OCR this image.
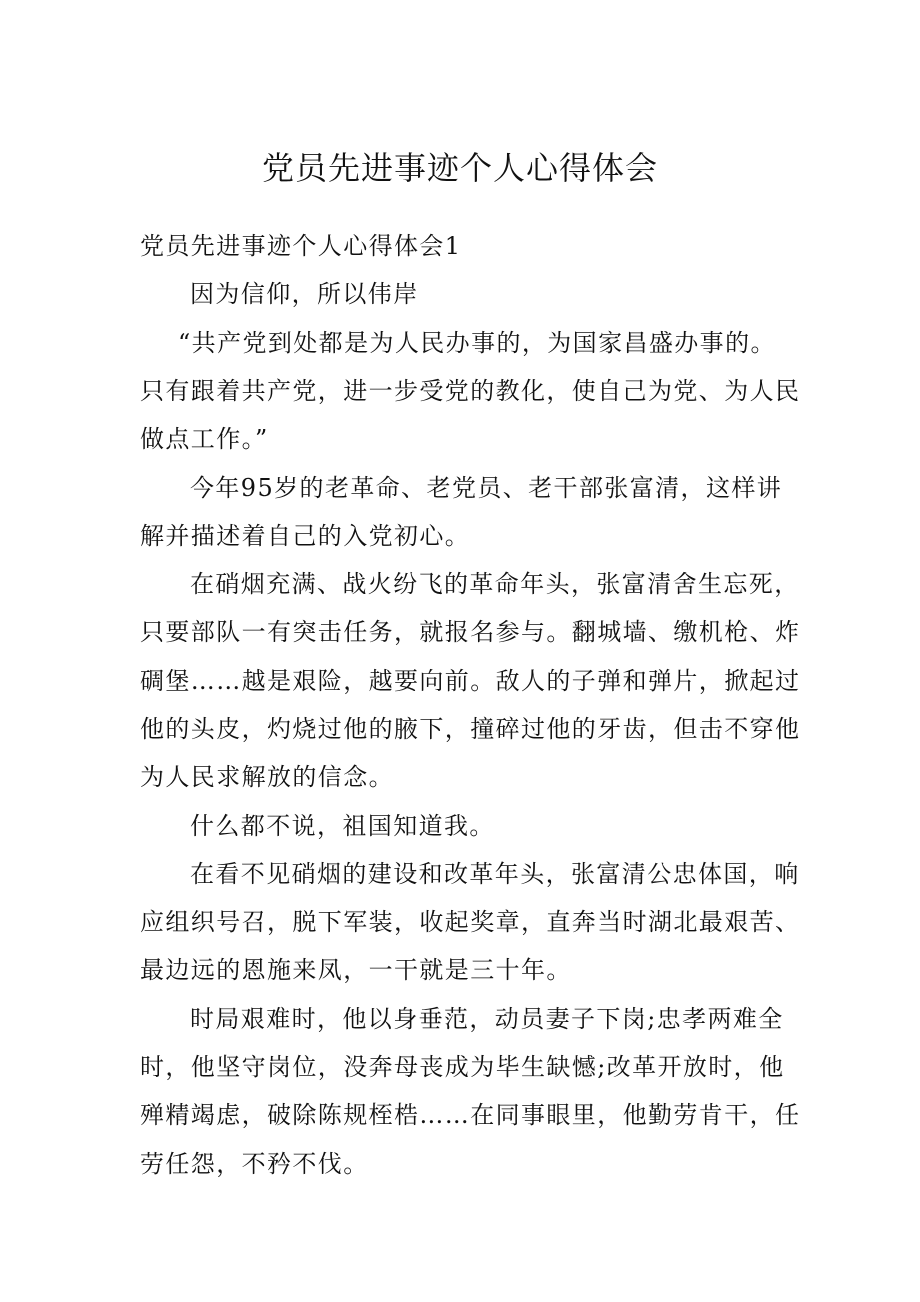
党员先进事迹个人心得体会
党员先进事迹个人心得体会1
因为信仰，所以伟岸
“共产党到处都是为人民办事的，为国家昌盛办事的。
只有跟着共产党，进一步受党的教化，使自己为党、为人民
做点工作。”
今年95岁的老革命、老党员、老干部张富清，这样讲
解并描述着自己的入党初心。
在硝烟充满、战火纷飞的革命年头，张富清舍生忘死，
只要部队一有突击任务，就报名参与。翻城墙、缴机枪、炸
碉堡……越是艰险，越要向前。敌人的子弹和弹片，掀起过
他的头皮，灼烧过他的腋下，撞碎过他的牙齿，但击不穿他
为人民求解放的信念。
什么都不说，祖国知道我。
在看不见硝烟的建设和改革年头，张富清公忠体国，响
应组织号召，脱下军装，收起奖章，直奔当时湖北最艰苦、
最边远的恩施来凤，一干就是三十年。
时局艰难时，他以身垂范，动员妻子下岗;忠孝两难全
时，他坚守岗位，没奔母丧成为毕生缺憾;改革开放时，他
殚精竭虑，破除陈规桎梏……在同事眼里，他勤劳肯干，任
劳任怨，不矜不伐。
